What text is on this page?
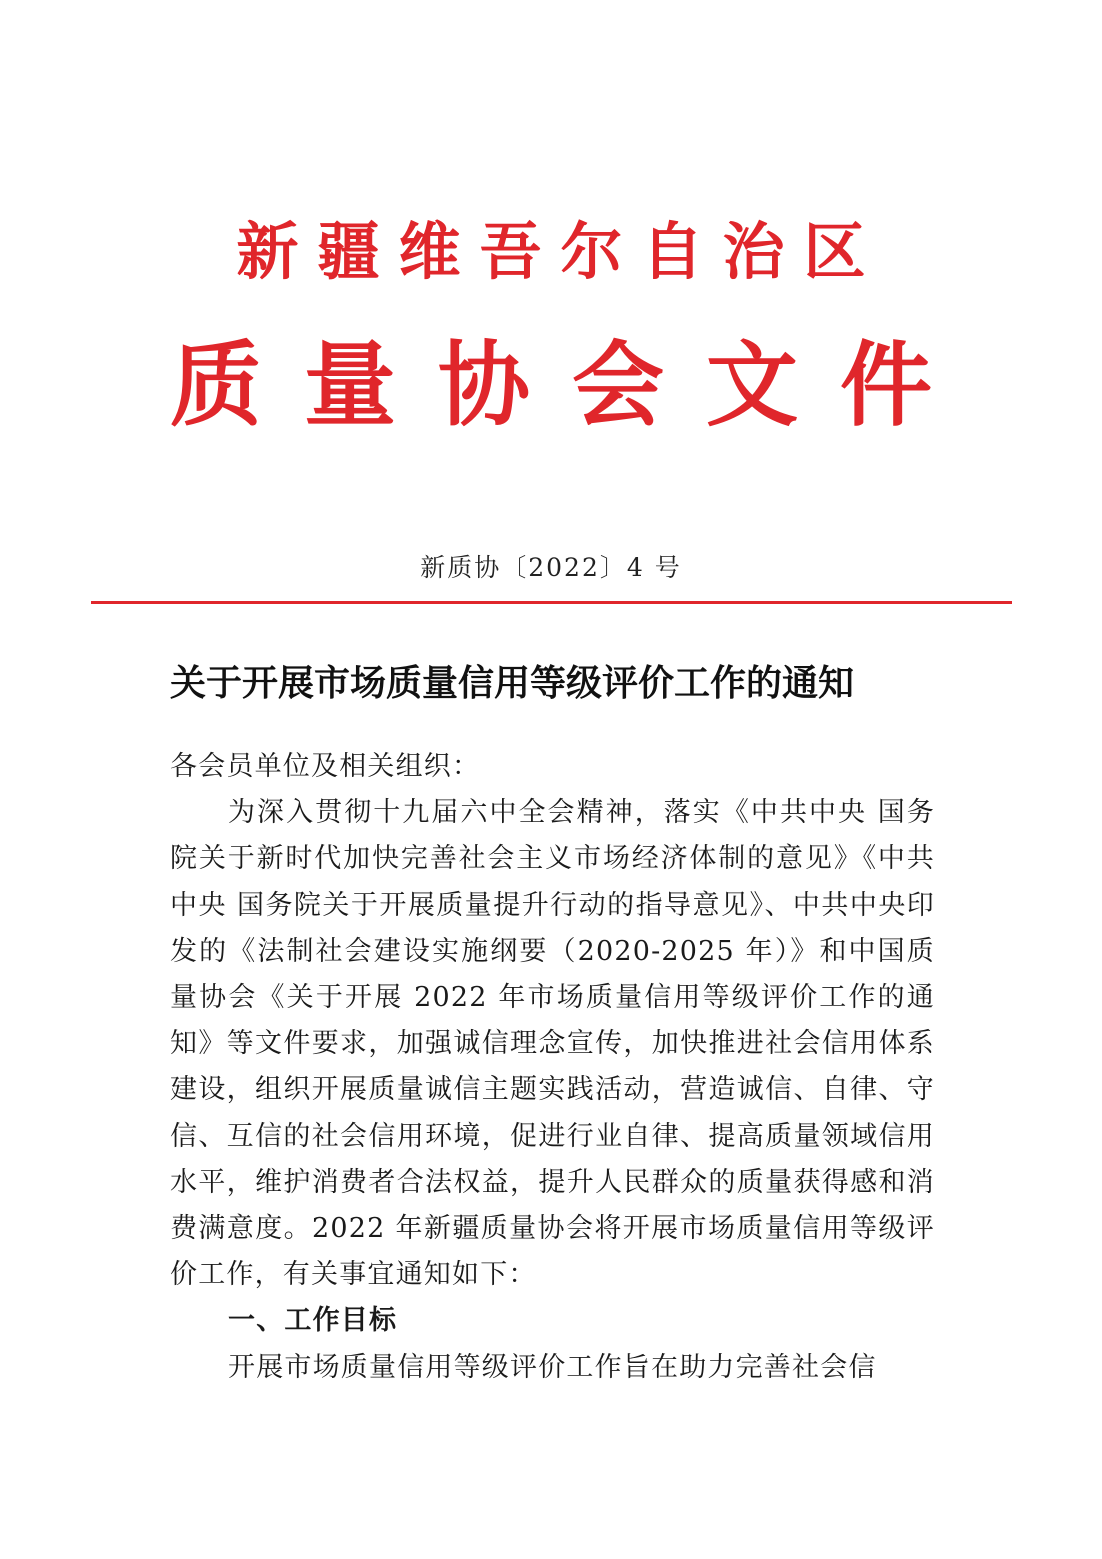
新疆维吾尔自治区
质量协会文件
新质协〔2022〕4 号
关于开展市场质量信用等级评价工作的通知

各会员单位及相关组织：

为深入贯彻十九届六中全会精神，落实《中共中央 国务院关于新时代加快完善社会主义市场经济体制的意见》《中共中央 国务院关于开展质量提升行动的指导意见》、中共中央印发的《法制社会建设实施纲要（2020-2025 年）》和中国质量协会《关于开展 2022 年市场质量信用等级评价工作的通知》等文件要求，加强诚信理念宣传，加快推进社会信用体系建设，组织开展质量诚信主题实践活动，营造诚信、自律、守信、互信的社会信用环境，促进行业自律、提高质量领域信用水平，维护消费者合法权益，提升人民群众的质量获得感和消费满意度。2022 年新疆质量协会将开展市场质量信用等级评价工作，有关事宜通知如下：

一、工作目标

开展市场质量信用等级评价工作旨在助力完善社会信
